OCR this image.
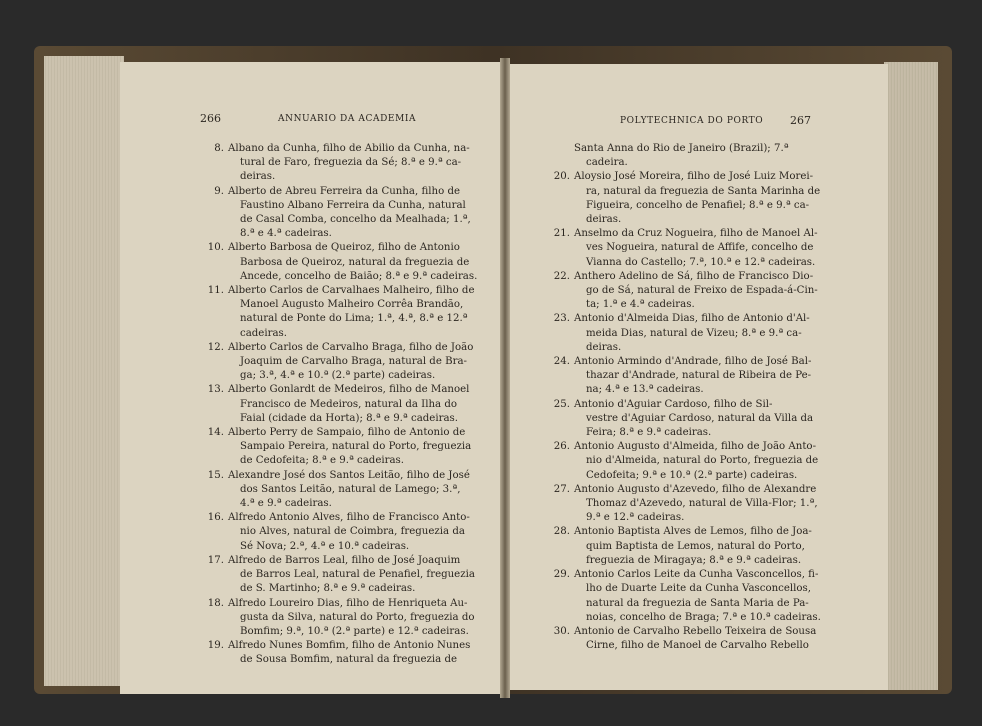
266	ANNUARIO DA ACADEMIA
8. Albano da Cunha, filho de Abilio da Cunha, na-
tural de Faro, freguezia da Sé; 8.ª e 9.ª ca-
deiras.
9. Alberto de Abreu Ferreira da Cunha, filho de
Faustino Albano Ferreira da Cunha, natural
de Casal Comba, concelho da Mealhada; 1.ª,
8.ª e 4.ª cadeiras.
10. Alberto Barbosa de Queiroz, filho de Antonio
Barbosa de Queiroz, natural da freguezia de
Ancede, concelho de Baião; 8.ª e 9.ª cadeiras.
11. Alberto Carlos de Carvalhaes Malheiro, filho de
Manoel Augusto Malheiro Corrêa Brandão,
natural de Ponte do Lima; 1.ª, 4.ª, 8.ª e 12.ª
cadeiras.
12. Alberto Carlos de Carvalho Braga, filho de João
Joaquim de Carvalho Braga, natural de Bra-
ga; 3.ª, 4.ª e 10.ª (2.ª parte) cadeiras.
13. Alberto Gonlardt de Medeiros, filho de Manoel
Francisco de Medeiros, natural da Ilha do
Faial (cidade da Horta); 8.ª e 9.ª cadeiras.
14. Alberto Perry de Sampaio, filho de Antonio de
Sampaio Pereira, natural do Porto, freguezia
de Cedofeita; 8.ª e 9.ª cadeiras.
15. Alexandre José dos Santos Leitão, filho de José
dos Santos Leitão, natural de Lamego; 3.ª,
4.ª e 9.ª cadeiras.
16. Alfredo Antonio Alves, filho de Francisco Anto-
nio Alves, natural de Coimbra, freguezia da
Sé Nova; 2.ª, 4.ª e 10.ª cadeiras.
17. Alfredo de Barros Leal, filho de José Joaquim
de Barros Leal, natural de Penafiel, freguezia
de S. Martinho; 8.ª e 9.ª cadeiras.
18. Alfredo Loureiro Dias, filho de Henriqueta Au-
gusta da Silva, natural do Porto, freguezia do
Bomfim; 9.ª, 10.ª (2.ª parte) e 12.ª cadeiras.
19. Alfredo Nunes Bomfim, filho de Antonio Nunes
de Sousa Bomfim, natural da freguezia de
POLYTECHNICA DO PORTO 267
Santa Anna do Rio de Janeiro (Brazil); 7.ª
cadeira.
20. Aloysio José Moreira, filho de José Luiz Morei-
ra, natural da freguezia de Santa Marinha de
Figueira, concelho de Penafiel; 8.ª e 9.ª ca-
deiras.
21. Anselmo da Cruz Nogueira, filho de Manoel Al-
ves Nogueira, natural de Affife, concelho de
Vianna do Castello; 7.ª, 10.ª e 12.ª cadeiras.
22. Anthero Adelino de Sá, filho de Francisco Dio-
go de Sá, natural de Freixo de Espada-á-Cin-
ta; 1.ª e 4.ª cadeiras.
23. Antonio d'Almeida Dias, filho de Antonio d'Al-
meida Dias, natural de Vizeu; 8.ª e 9.ª ca-
deiras.
24. Antonio Armindo d'Andrade, filho de José Bal-
thazar d'Andrade, natural de Ribeira de Pe-
na; 4.ª e 13.ª cadeiras.
25. Antonio d'Aguiar Cardoso, filho de Sil-
vestre d'Aguiar Cardoso, natural da Villa da
Feira; 8.ª e 9.ª cadeiras.
26. Antonio Augusto d'Almeida, filho de João Anto-
nio d'Almeida, natural do Porto, freguezia de
Cedofeita; 9.ª e 10.ª (2.ª parte) cadeiras.
27. Antonio Augusto d'Azevedo, filho de Alexandre
Thomaz d'Azevedo, natural de Villa-Flor; 1.ª,
9.ª e 12.ª cadeiras.
28. Antonio Baptista Alves de Lemos, filho de Joa-
quim Baptista de Lemos, natural do Porto,
freguezia de Miragaya; 8.ª e 9.ª cadeiras.
29. Antonio Carlos Leite da Cunha Vasconcellos, fi-
lho de Duarte Leite da Cunha Vasconcellos,
natural da freguezia de Santa Maria de Pa-
noias, concelho de Braga; 7.ª e 10.ª cadeiras.
30. Antonio de Carvalho Rebello Teixeira de Sousa
Cirne, filho de Manoel de Carvalho Rebello
